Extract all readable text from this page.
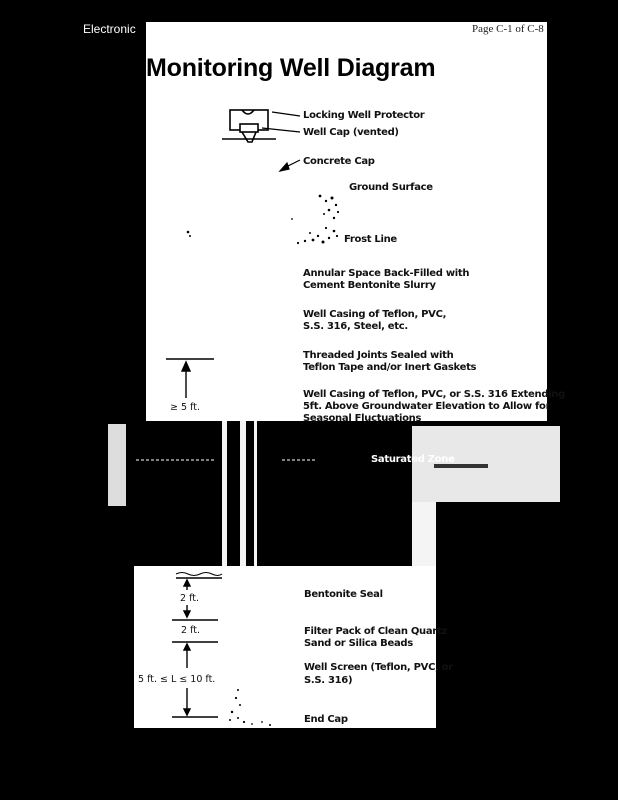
Electronic	Page C-1 of C-8
Monitoring Well Diagram
Locking Well Protector
Well Cap (vented)
Concrete Cap
Ground Surface
Frost Line
Annular Space Back-Filled with
Cement Bentonite Slurry
Well Casing of Teflon, PVC,
S.S. 316, Steel, etc.
Threaded Joints Sealed with
Teflon Tape and/or Inert Gaskets
Well Casing of Teflon, PVC, or S.S. 316 Extending
5ft. Above Groundwater Elevation to Allow for
Seasonal Fluctuations
Saturated Zone
Bentonite Seal
Filter Pack of Clean Quartz
Sand or Silica Beads
Well Screen (Teflon, PVC, or
S.S. 316)
End Cap
≥ 5 ft.
2 ft.
2 ft.
5 ft. ≤ L ≤ 10 ft.
